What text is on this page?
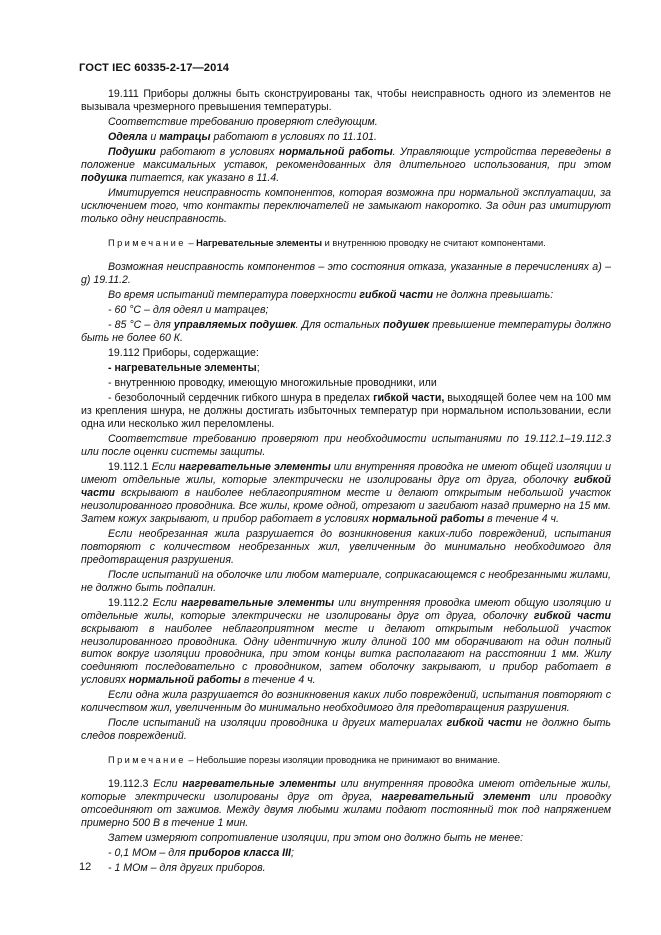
ГОСТ IEC 60335-2-17—2014

19.111 Приборы должны быть сконструированы так, чтобы неисправность одного из элементов не вызывала чрезмерного превышения температуры.

Соответствие требованию проверяют следующим.

Одеяла и матрацы работают в условиях по 11.101.

Подушки работают в условиях нормальной работы. Управляющие устройства переведены в положение максимальных уставок, рекомендованных для длительного использования, при этом подушка питается, как указано в 11.4.

Имитируется неисправность компонентов, которая возможна при нормальной эксплуатации, за исключением того, что контакты переключателей не замыкают накоротко. За один раз имитируют только одну неисправность.

Примечание – Нагревательные элементы и внутреннюю проводку не считают компонентами.

Возможная неисправность компонентов – это состояния отказа, указанные в перечислениях a) – g) 19.11.2.

Во время испытаний температура поверхности гибкой части не должна превышать:

- 60 °С – для одеял и матрацев;

- 85 °С – для управляемых подушек. Для остальных подушек превышение температуры должно быть не более 60 К.

19.112 Приборы, содержащие:

- нагревательные элементы;

- внутреннюю проводку, имеющую многожильные проводники, или

- безоболочный сердечник гибкого шнура в пределах гибкой части, выходящей более чем на 100 мм из крепления шнура, не должны достигать избыточных температур при нормальном использовании, если одна или несколько жил переломлены.

Соответствие требованию проверяют при необходимости испытаниями по 19.112.1–19.112.3 или после оценки системы защиты.

19.112.1 Если нагревательные элементы или внутренняя проводка не имеют общей изоляции и имеют отдельные жилы, которые электрически не изолированы друг от друга, оболочку гибкой части вскрывают в наиболее неблагоприятном месте и делают открытым небольшой участок неизолированного проводника. Все жилы, кроме одной, отрезают и загибают назад примерно на 15 мм. Затем кожух закрывают, и прибор работает в условиях нормальной работы в течение 4 ч.

Если необрезанная жила разрушается до возникновения каких-либо повреждений, испытания повторяют с количеством необрезанных жил, увеличенным до минимально необходимого для предотвращения разрушения.

После испытаний на оболочке или любом материале, соприкасающемся с необрезанными жилами, не должно быть подпалин.

19.112.2 Если нагревательные элементы или внутренняя проводка имеют общую изоляцию и отдельные жилы, которые электрически не изолированы друг от друга, оболочку гибкой части вскрывают в наиболее неблагоприятном месте и делают открытым небольшой участок неизолированного проводника. Одну идентичную жилу длиной 100 мм оборачивают на один полный виток вокруг изоляции проводника, при этом концы витка располагают на расстоянии 1 мм. Жилу соединяют последовательно с проводником, затем оболочку закрывают, и прибор работает в условиях нормальной работы в течение 4 ч.

Если одна жила разрушается до возникновения каких либо повреждений, испытания повторяют с количеством жил, увеличенным до минимально необходимого для предотвращения разрушения.

После испытаний на изоляции проводника и других материалах гибкой части не должно быть следов повреждений.

Примечание – Небольшие порезы изоляции проводника не принимают во внимание.

19.112.3 Если нагревательные элементы или внутренняя проводка имеют отдельные жилы, которые электрически изолированы друг от друга, нагревательный элемент или проводку отсоединяют от зажимов. Между двумя любыми жилами подают постоянный ток под напряжением примерно 500 В в течение 1 мин.

Затем измеряют сопротивление изоляции, при этом оно должно быть не менее:

- 0,1 МОм – для приборов класса III;

- 1 МОм – для других приборов.

12
